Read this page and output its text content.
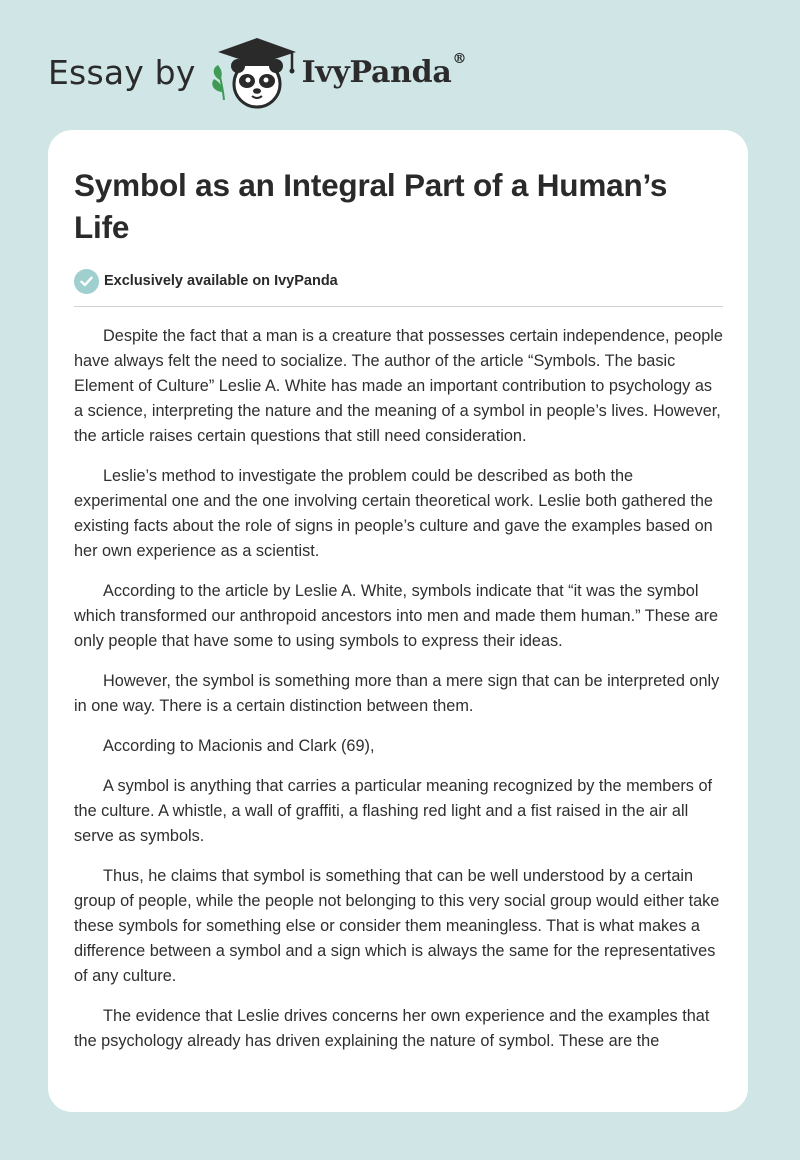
Essay by	IvyPanda®
Symbol as an Integral Part of a Human’s Life
Exclusively available on IvyPanda

Despite the fact that a man is a creature that possesses certain independence, people have always felt the need to socialize. The author of the article “Symbols. The basic Element of Culture” Leslie A. White has made an important contribution to psychology as a science, interpreting the nature and the meaning of a symbol in people’s lives. However, the article raises certain questions that still need consideration.

Leslie’s method to investigate the problem could be described as both the experimental one and the one involving certain theoretical work. Leslie both gathered the existing facts about the role of signs in people’s culture and gave the examples based on her own experience as a scientist.

According to the article by Leslie A. White, symbols indicate that “it was the symbol which transformed our anthropoid ancestors into men and made them human.” These are only people that have some to using symbols to express their ideas.

However, the symbol is something more than a mere sign that can be interpreted only in one way. There is a certain distinction between them.

According to Macionis and Clark (69),

A symbol is anything that carries a particular meaning recognized by the members of the culture. A whistle, a wall of graffiti, a flashing red light and a fist raised in the air all serve as symbols.

Thus, he claims that symbol is something that can be well understood by a certain group of people, while the people not belonging to this very social group would either take these symbols for something else or consider them meaningless. That is what makes a difference between a symbol and a sign which is always the same for the representatives of any culture.

The evidence that Leslie drives concerns her own experience and the examples that the psychology already has driven explaining the nature of symbol. These are the
